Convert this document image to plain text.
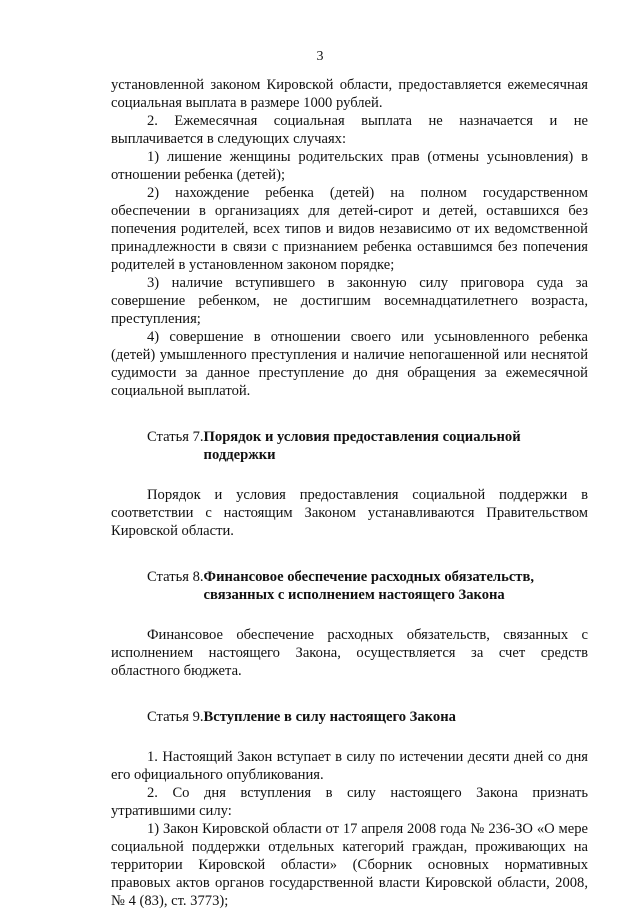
3

установленной законом Кировской области, предоставляется ежемесячная социальная выплата в размере 1000 рублей.

2. Ежемесячная социальная выплата не назначается и не выплачивается в следующих случаях:

1) лишение женщины родительских прав (отмены усыновления) в отношении ребенка (детей);

2) нахождение ребенка (детей) на полном государственном обеспечении в организациях для детей-сирот и детей, оставшихся без попечения родителей, всех типов и видов независимо от их ведомственной принадлежности в связи с признанием ребенка оставшимся без попечения родителей в установленном законом порядке;

3) наличие вступившего в законную силу приговора суда за совершение ребенком, не достигшим восемнадцатилетнего возраста, преступления;

4) совершение в отношении своего или усыновленного ребенка (детей) умышленного преступления и наличие непогашенной или неснятой судимости за данное преступление до дня обращения за ежемесячной социальной выплатой.

Статья 7. Порядок и условия предоставления социальной поддержки

Порядок и условия предоставления социальной поддержки в соответствии с настоящим Законом устанавливаются Правительством Кировской области.

Статья 8. Финансовое обеспечение расходных обязательств, связанных с исполнением настоящего Закона

Финансовое обеспечение расходных обязательств, связанных с исполнением настоящего Закона, осуществляется за счет средств областного бюджета.

Статья 9. Вступление в силу настоящего Закона

1. Настоящий Закон вступает в силу по истечении десяти дней со дня его официального опубликования.

2. Со дня вступления в силу настоящего Закона признать утратившими силу:

1) Закон Кировской области от 17 апреля 2008 года № 236-ЗО «О мере социальной поддержки отдельных категорий граждан, проживающих на территории Кировской области» (Сборник основных нормативных правовых актов органов государственной власти Кировской области, 2008, № 4 (83), ст. 3773);
